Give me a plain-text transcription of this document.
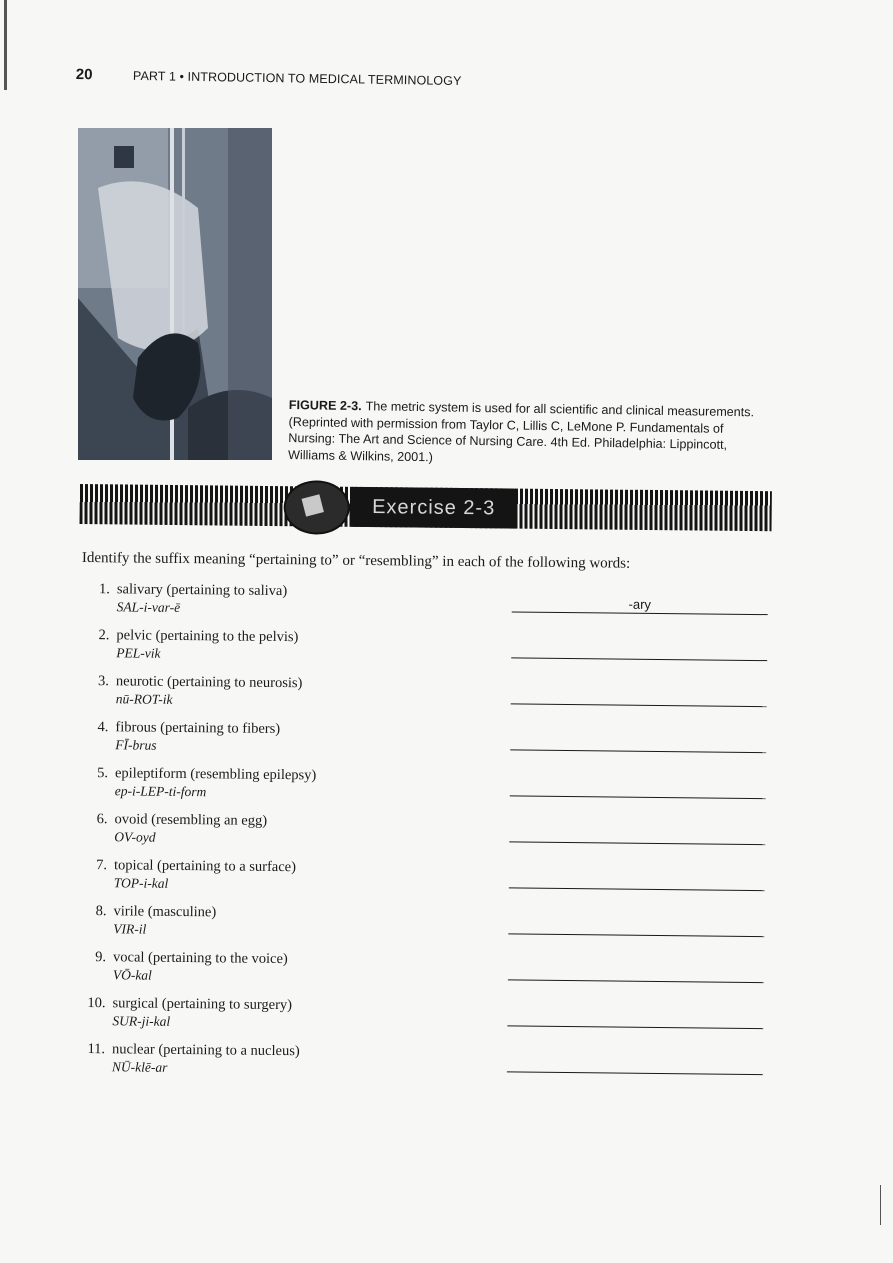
20	PART 1 • INTRODUCTION TO MEDICAL TERMINOLOGY
FIGURE 2-3. The metric system is used for all scientific and clinical measurements. (Reprinted with permission from Taylor C, Lillis C, LeMone P. Fundamentals of Nursing: The Art and Science of Nursing Care. 4th Ed. Philadelphia: Lippincott, Williams & Wilkins, 2001.)
Exercise 2-3
Identify the suffix meaning “pertaining to” or “resembling” in each of the following words:
1. salivary (pertaining to saliva)
SAL-i-var-ē	-ary
2. pelvic (pertaining to the pelvis)
PEL-vik
3. neurotic (pertaining to neurosis)
nū-ROT-ik
4. fibrous (pertaining to fibers)
FĪ-brus
5. epileptiform (resembling epilepsy)
ep-i-LEP-ti-form
6. ovoid (resembling an egg)
OV-oyd
7. topical (pertaining to a surface)
TOP-i-kal
8. virile (masculine)
VIR-il
9. vocal (pertaining to the voice)
VŌ-kal
10. surgical (pertaining to surgery)
SUR-ji-kal
11. nuclear (pertaining to a nucleus)
NŪ-klē-ar
